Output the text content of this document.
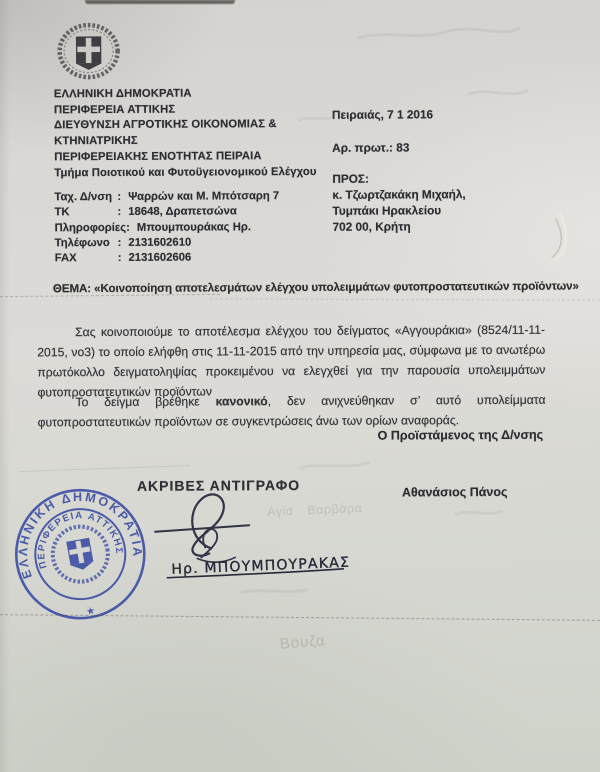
ΕΛΛΗΝΙΚΗ ΔΗΜΟΚΡΑΤΙΑ
ΠΕΡΙΦΕΡΕΙΑ ΑΤΤΙΚΗΣ
ΔΙΕΥΘΥΝΣΗ ΑΓΡΟΤΙΚΗΣ ΟΙΚΟΝΟΜΙΑΣ &
ΚΤΗΝΙΑΤΡΙΚΗΣ
ΠΕΡΙΦΕΡΕΙΑΚΗΣ ΕΝΟΤΗΤΑΣ ΠΕΙΡΑΙΑ
Τμήμα Ποιοτικού και Φυτοϋγειονομικού Ελέγχου
Ταχ. Δ/νση : Ψαρρών και Μ. Μπότσαρη 7
ΤΚ	: 18648, Δραπετσώνα
Πληροφορίες : Μπουμπουράκας Ηρ.
Τηλέφωνο : 2131602610
FAX	: 2131602606
Πειραιάς, 7 1 2016
Αρ. πρωτ.: 83
ΠΡΟΣ:
κ. Τζωρτζακάκη Μιχαήλ,
Τυμπάκι Ηρακλείου
702 00, Κρήτη
ΘΕΜΑ: «Κοινοποίηση αποτελεσμάτων ελέγχου υπολειμμάτων φυτοπροστατευτικών προϊόντων»

Σας κοινοποιούμε το αποτέλεσμα ελέγχου του δείγματος «Αγγουράκια» (8524/11-11-2015, νο3) το οποίο ελήφθη στις 11-11-2015 από την υπηρεσία μας, σύμφωνα με το ανωτέρω πρωτόκολλο δειγματοληψίας προκειμένου να ελεγχθεί για την παρουσία υπολειμμάτων φυτοπροστατευτικών προϊόντων

Το δείγμα βρέθηκε κανονικό, δεν ανιχνεύθηκαν σ’ αυτό υπολείμματα φυτοπροστατευτικών προϊόντων σε συγκεντρώσεις άνω των ορίων αναφοράς.

Ο Προϊστάμενος της Δ/νσης
ΑΚΡΙΒΕΣ ΑΝΤΙΓΡΑΦΟ	Αθανάσιος Πάνος
ΕΛΛΗΝΙΚΗ ΔΗΜΟΚΡΑΤΙΑ
ΠΕΡΙΦΕΡΕΙΑ ΑΤΤΙΚΗΣ
★
Ηρ. ΜΠΟΥΜΠΟΥΡΑΚΑΣ
Αγία Βαρβάρα
Βουζα
